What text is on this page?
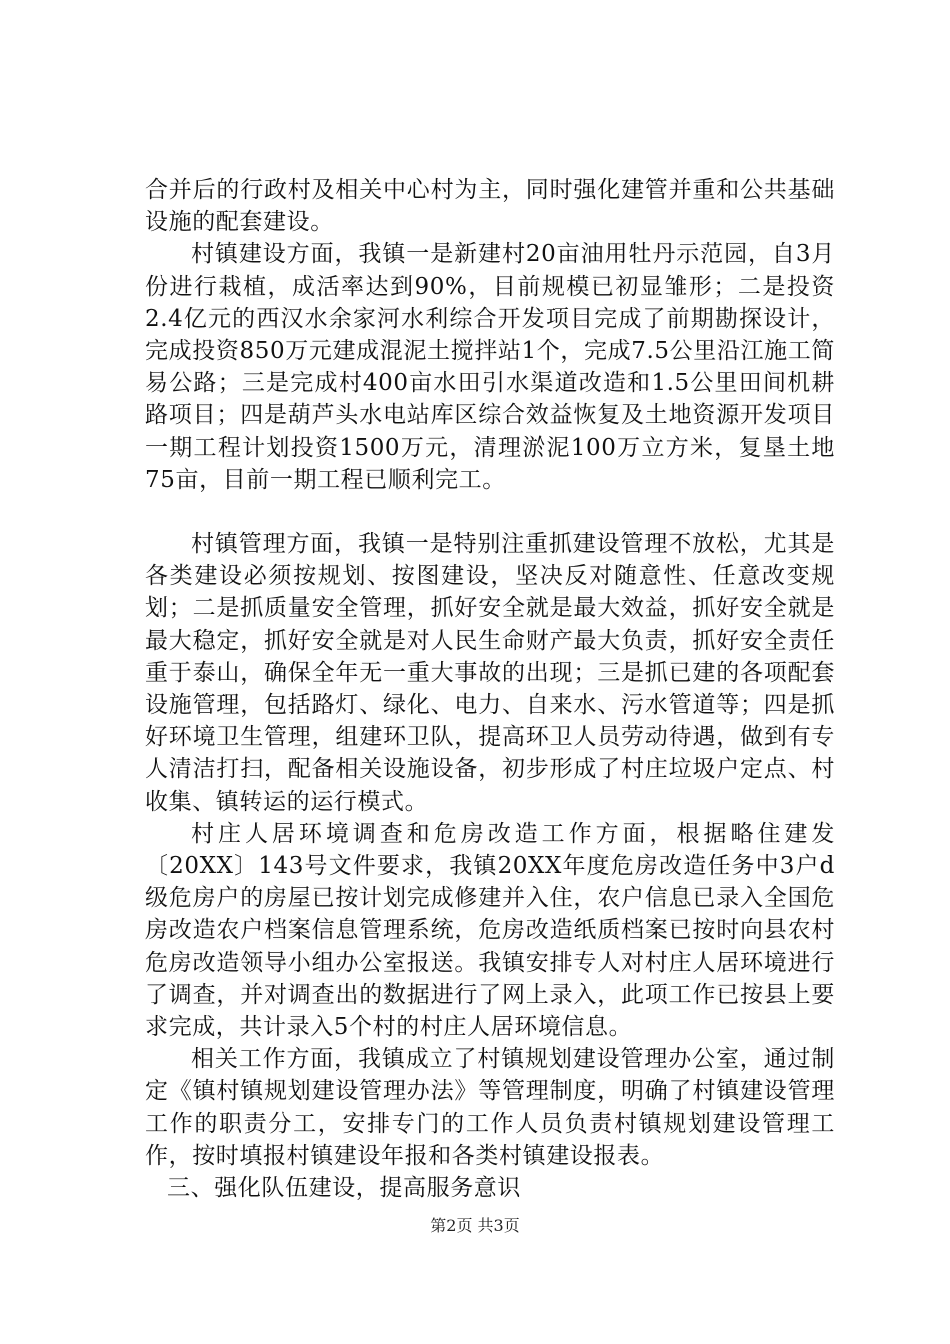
合并后的行政村及相关中心村为主，同时强化建管并重和公共基础设施的配套建设。

村镇建设方面，我镇一是新建村20亩油用牡丹示范园，自3月份进行栽植，成活率达到90%，目前规模已初显雏形；二是投资2.4亿元的西汉水余家河水利综合开发项目完成了前期勘探设计，完成投资850万元建成混泥土搅拌站1个，完成7.5公里沿江施工简易公路；三是完成村400亩水田引水渠道改造和1.5公里田间机耕路项目；四是葫芦头水电站库区综合效益恢复及土地资源开发项目一期工程计划投资1500万元，清理淤泥100万立方米，复垦土地75亩，目前一期工程已顺利完工。

村镇管理方面，我镇一是特别注重抓建设管理不放松，尤其是各类建设必须按规划、按图建设，坚决反对随意性、任意改变规划；二是抓质量安全管理，抓好安全就是最大效益，抓好安全就是最大稳定，抓好安全就是对人民生命财产最大负责，抓好安全责任重于泰山，确保全年无一重大事故的出现；三是抓已建的各项配套设施管理，包括路灯、绿化、电力、自来水、污水管道等；四是抓好环境卫生管理，组建环卫队，提高环卫人员劳动待遇，做到有专人清洁打扫，配备相关设施设备，初步形成了村庄垃圾户定点、村收集、镇转运的运行模式。

村庄人居环境调查和危房改造工作方面，根据略住建发〔20XX〕143号文件要求，我镇20XX年度危房改造任务中3户d级危房户的房屋已按计划完成修建并入住，农户信息已录入全国危房改造农户档案信息管理系统，危房改造纸质档案已按时向县农村危房改造领导小组办公室报送。我镇安排专人对村庄人居环境进行了调查，并对调查出的数据进行了网上录入，此项工作已按县上要求完成，共计录入5个村的村庄人居环境信息。

相关工作方面，我镇成立了村镇规划建设管理办公室，通过制定《镇村镇规划建设管理办法》等管理制度，明确了村镇建设管理工作的职责分工，安排专门的工作人员负责村镇规划建设管理工作，按时填报村镇建设年报和各类村镇建设报表。

三、强化队伍建设，提高服务意识

第2页 共3页
